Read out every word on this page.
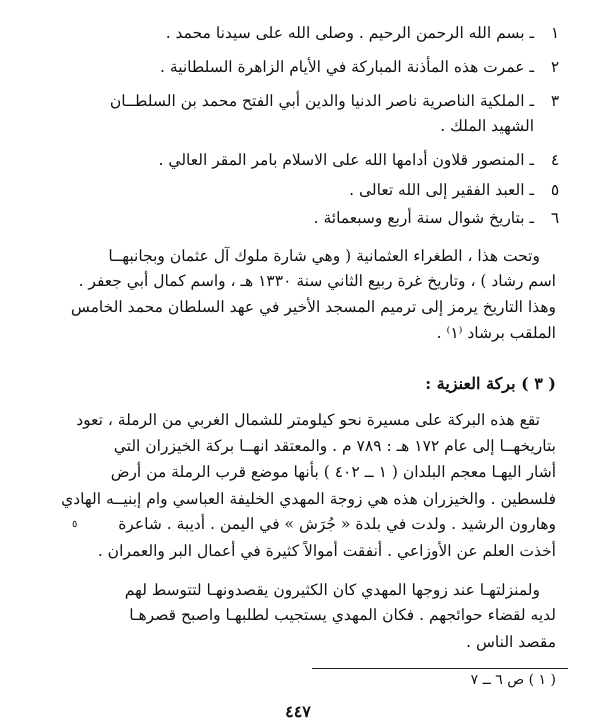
ـ بسم الله الرحمن الرحيم . وصلى الله على سيدنا محمد .	١
ـ عمرت هذه المأذنة المباركة في الأيام الزاهرة السلطانية .	٢
ـ الملكية الناصرية ناصر الدنيا والدين أبي الفتح محمد بن السلطــان	٣
الشهيد الملك .
ـ المنصور قلاون أدامها الله على الاسلام بامر المقر العالي .	٤
ـ العبد الفقير إلى الله تعالى .	٥
ـ بتاريخ شوال سنة أربع وسبعمائة .	٦
وتحت هذا ، الطغراء العثمانية ( وهي شارة ملوك آل عثمان وبجانبهــا
اسم رشاد ) ، وتاريخ غرة ربيع الثاني سنة ١٣٣٠ هـ ، واسم كمال أبي جعفر .
وهذا التاريخ يرمز إلى ترميم المسجد الأخير في عهد السلطان محمد الخامس
الملقب برشاد ⁽١⁾ .
( ٣ ) بركة العنزية :
تقع هذه البركة على مسيرة نحو كيلومتر للشمال الغربي من الرملة ، تعود
بتاريخهــا إلى عام ١٧٢ هـ : ٧٨٩ م . والمعتقد انهــا بركة الخيزران التي
أشار اليهـا معجم البلدان ( ١ ــ ٤٠٢ ) بأنها موضع قرب الرملة من أرض
فلسطين . والخيزران هذه هي زوجة المهدي الخليفة العباسي وام إبنيــه الهادي
وهارون الرشيد . ولدت في بلدة « جُرَش » في اليمن . أديبة . شاعرة
أخذت العلم عن الأوزاعي . أنفقت أموالاً كثيرة في أعمال البر والعمران .
ولمنزلتهـا عند زوجها المهدي كان الكثيرون يقصدونهـا لتتوسط لهم
لديه لقضاء حوائجهم . فكان المهدي يستجيب لطلبهـا واصبح قصرهـا
مقصد الناس .
٥
( ١ ) ص ٦ ــ ٧
٤٤٧
